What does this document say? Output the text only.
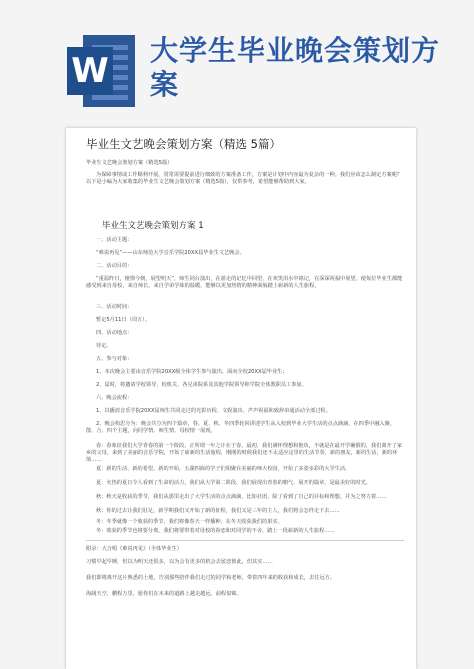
W
大学生毕业晚会策划方案
毕业生文艺晚会策划方案（精选 5篇）

毕业生文艺晚会策划方案（精选5篇）

为保障事情或工作顺利开展，常常需要提前进行细致的方案准备工作，方案是计划中内容最为复杂的一种。我们应该怎么制定方案呢？以下是小编为大家收集的毕业生文艺晚会策划方案（精选5篇），仅供参考，希望能够帮助到大家。

毕业生文艺晚会策划方案 1

一、活动主题：

“难说再见”——山东师范大学音乐学院20XX届毕业生文艺晚会。

二、活动目的：

“重温昨日，憧憬今朝，展望明天”，师生同台演出，在游走的记忆中回望，在欢笑泪水中铭记，在深深祝福中展望。使每位毕业生都能感受到来自母校、来自师长、来自学弟学妹的温暖，能够以更加热情的精神面貌踏上崭新的人生旅程。

三、活动时间：

暂定5月11日（周五）。

四、活动地点：

待定。

五、参与对象：

1、本次晚会主要由音乐学院20XX级全体学生参与演出，面向全校20XX届毕业生；

2、届时，将邀请学校领导、校机关、各兄弟院系及其他学院领导和学院全体教职员工参加。

六、晚会流程：

1、以播放音乐学院20XX届师生共同走过的光影历程、文娱演出、声声祝福和致辞串通活动全部过程。

2、晚会构思分为：晚会共分为四个篇章，春、夏、秋、冬四季轮回讲述学生从入校到毕业大学生活的点点滴滴，在四季中融入聚、散、合、四个主题，向同学情、师生情、母校情一展现。

春：春象征我们大学青春的第一个阶段，正所谓一年之计在于春，最初，我们满怀理想和抱负，不就是在最开学确假的，我们离开了家乡的父母，来到了美丽的音乐学院，开始了崭新的生活旅程，刚刚的时候我们还不太适应这里的生活节奏，新的朋友，新的生活，新的环境……

夏：新的生活、新的希望。新的开始，五湖四海的学子们相聚在美丽的师大校园，开始了多姿多彩的大学生活。

夏：火热的夏日令人看到了生命的活力，我们从大学第二阶段，我们展现出青春的朝气、展开的篇章，是最美好的时光。

秋：秋天是收获的季节，我们从那里走出了大学生活的点点滴滴，比如社团、除了看到了自己的目标和理想，并为之努力着……

秋：你的过去让我们驻足，新学期我们又开始了新的征程，我们又是三年的主人，我们将会怎样走下去……

冬：冬季就像一个收获的季节，我们将像春天一样播种、在冬天收获我们的果实。

冬：收获的季节也将要分离，我们将要带着对母校的眷恋和对同学的不舍，踏上一段崭新的人生旅程……

附录：大合唱《难说再见》（全体毕业生）

习惯早起早睡，但以为明天还很多，以为会有更多的机会去留恋彼此，但其实……

我们即将离开这片熟悉的土地，告别那些陪伴我们走过的同学和老师，带着四年来的收获和成长，去往远方。

海阔天空，鹏程万里，愿你们在未来的道路上越走越远，前程似锦。
